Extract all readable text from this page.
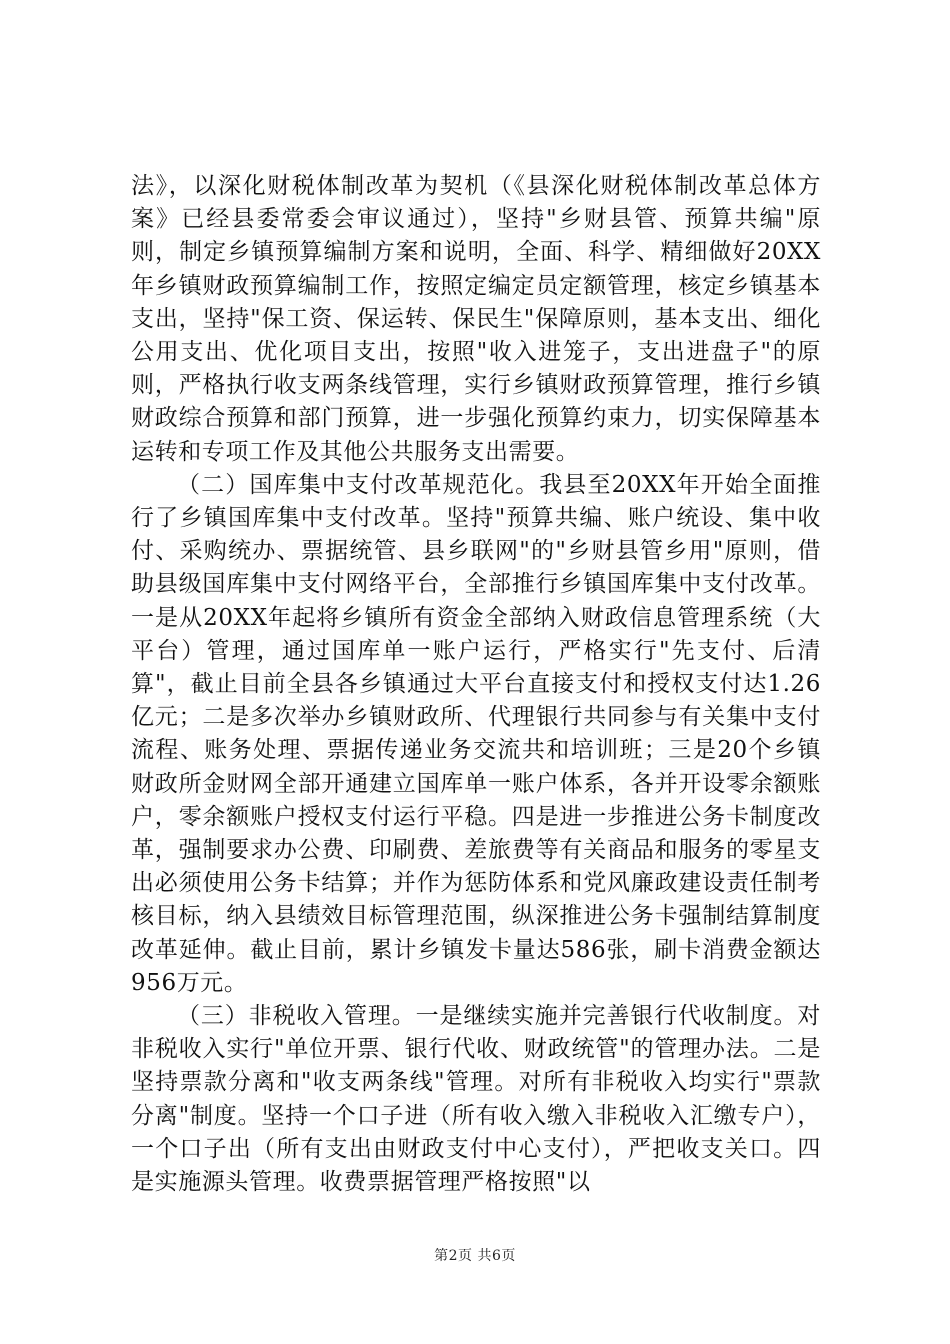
法》，以深化财税体制改革为契机（《县深化财税体制改革总体方案》已经县委常委会审议通过），坚持"乡财县管、预算共编"原则，制定乡镇预算编制方案和说明，全面、科学、精细做好20XX年乡镇财政预算编制工作，按照定编定员定额管理，核定乡镇基本支出，坚持"保工资、保运转、保民生"保障原则，基本支出、细化公用支出、优化项目支出，按照"收入进笼子，支出进盘子"的原则，严格执行收支两条线管理，实行乡镇财政预算管理，推行乡镇财政综合预算和部门预算，进一步强化预算约束力，切实保障基本运转和专项工作及其他公共服务支出需要。

（二）国库集中支付改革规范化。我县至20XX年开始全面推行了乡镇国库集中支付改革。坚持"预算共编、账户统设、集中收付、采购统办、票据统管、县乡联网"的"乡财县管乡用"原则，借助县级国库集中支付网络平台，全部推行乡镇国库集中支付改革。一是从20XX年起将乡镇所有资金全部纳入财政信息管理系统（大平台）管理，通过国库单一账户运行，严格实行"先支付、后清算"，截止目前全县各乡镇通过大平台直接支付和授权支付达1.26亿元；二是多次举办乡镇财政所、代理银行共同参与有关集中支付流程、账务处理、票据传递业务交流共和培训班；三是20个乡镇财政所金财网全部开通建立国库单一账户体系，各并开设零余额账户，零余额账户授权支付运行平稳。四是进一步推进公务卡制度改革，强制要求办公费、印刷费、差旅费等有关商品和服务的零星支出必须使用公务卡结算；并作为惩防体系和党风廉政建设责任制考核目标，纳入县绩效目标管理范围，纵深推进公务卡强制结算制度改革延伸。截止目前，累计乡镇发卡量达586张，刷卡消费金额达956万元。

（三）非税收入管理。一是继续实施并完善银行代收制度。对非税收入实行"单位开票、银行代收、财政统管"的管理办法。二是坚持票款分离和"收支两条线"管理。对所有非税收入均实行"票款分离"制度。坚持一个口子进（所有收入缴入非税收入汇缴专户），一个口子出（所有支出由财政支付中心支付），严把收支关口。四是实施源头管理。收费票据管理严格按照"以

第2页 共6页
